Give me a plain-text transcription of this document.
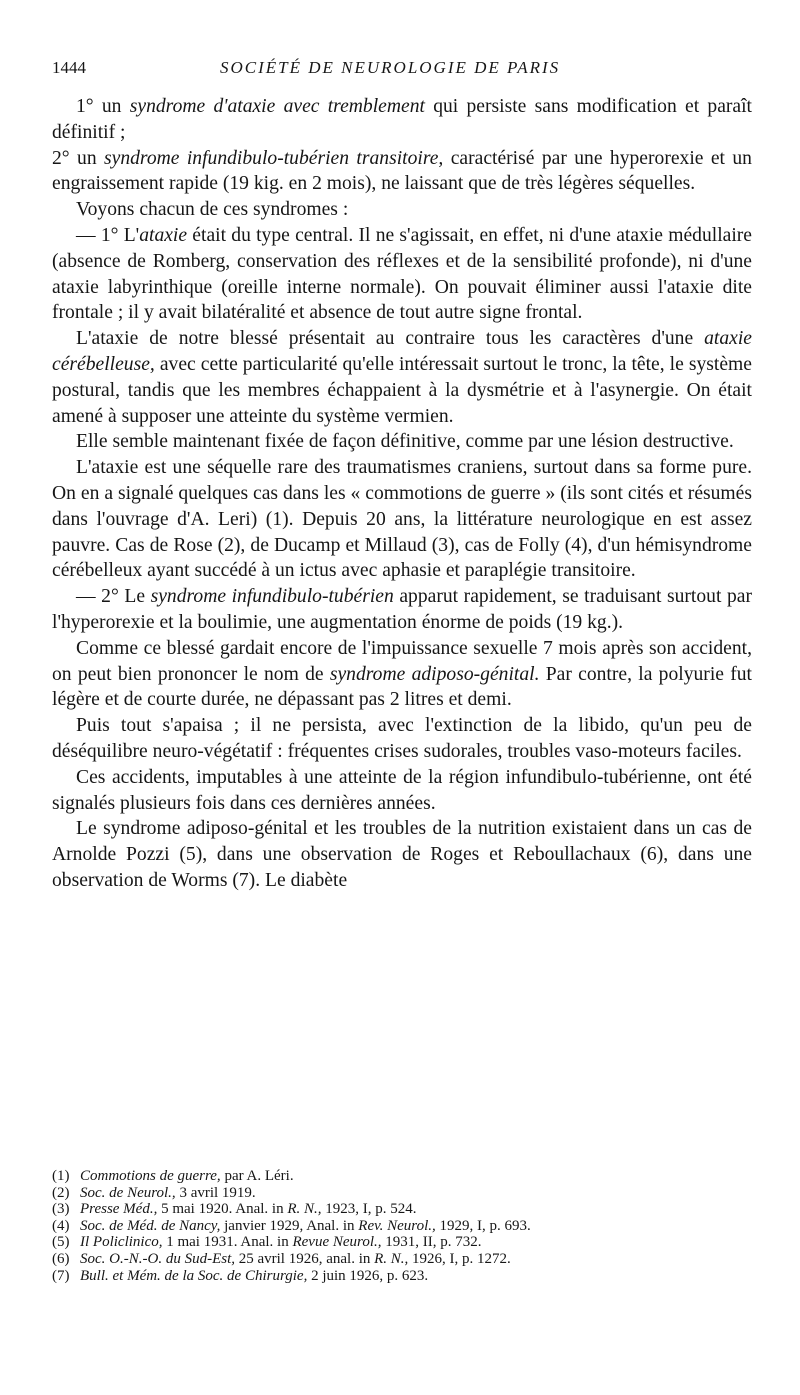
1444	SOCIÉTÉ DE NEUROLOGIE DE PARIS

1° un syndrome d'ataxie avec tremblement qui persiste sans modification et paraît définitif ;

2° un syndrome infundibulo-tubérien transitoire, caractérisé par une hyperorexie et un engraissement rapide (19 kig. en 2 mois), ne laissant que de très légères séquelles.

Voyons chacun de ces syndromes :

— 1° L'ataxie était du type central. Il ne s'agissait, en effet, ni d'une ataxie médullaire (absence de Romberg, conservation des réflexes et de la sensibilité profonde), ni d'une ataxie labyrinthique (oreille interne normale). On pouvait éliminer aussi l'ataxie dite frontale ; il y avait bilatéralité et absence de tout autre signe frontal.

L'ataxie de notre blessé présentait au contraire tous les caractères d'une ataxie cérébelleuse, avec cette particularité qu'elle intéressait surtout le tronc, la tête, le système postural, tandis que les membres échappaient à la dysmétrie et à l'asynergie. On était amené à supposer une atteinte du système vermien.

Elle semble maintenant fixée de façon définitive, comme par une lésion destructive.

L'ataxie est une séquelle rare des traumatismes craniens, surtout dans sa forme pure. On en a signalé quelques cas dans les « commotions de guerre » (ils sont cités et résumés dans l'ouvrage d'A. Leri) (1). Depuis 20 ans, la littérature neurologique en est assez pauvre. Cas de Rose (2), de Ducamp et Millaud (3), cas de Folly (4), d'un hémisyndrome cérébelleux ayant succédé à un ictus avec aphasie et paraplégie transitoire.

— 2° Le syndrome infundibulo-tubérien apparut rapidement, se traduisant surtout par l'hyperorexie et la boulimie, une augmentation énorme de poids (19 kg.).

Comme ce blessé gardait encore de l'impuissance sexuelle 7 mois après son accident, on peut bien prononcer le nom de syndrome adiposo-génital. Par contre, la polyurie fut légère et de courte durée, ne dépassant pas 2 litres et demi.

Puis tout s'apaisa ; il ne persista, avec l'extinction de la libido, qu'un peu de déséquilibre neuro-végétatif : fréquentes crises sudorales, troubles vaso-moteurs faciles.

Ces accidents, imputables à une atteinte de la région infundibulo-tubérienne, ont été signalés plusieurs fois dans ces dernières années.

Le syndrome adiposo-génital et les troubles de la nutrition existaient dans un cas de Arnolde Pozzi (5), dans une observation de Roges et Reboullachaux (6), dans une observation de Worms (7). Le diabète

(1) Commotions de guerre, par A. Léri.
(2) Soc. de Neurol., 3 avril 1919.
(3) Presse Méd., 5 mai 1920. Anal. in R. N., 1923, I, p. 524.
(4) Soc. de Méd. de Nancy, janvier 1929, Anal. in Rev. Neurol., 1929, I, p. 693.
(5) Il Policlinico, 1 mai 1931. Anal. in Revue Neurol., 1931, II, p. 732.
(6) Soc. O.-N.-O. du Sud-Est, 25 avril 1926, anal. in R. N., 1926, I, p. 1272.
(7) Bull. et Mém. de la Soc. de Chirurgie, 2 juin 1926, p. 623.
